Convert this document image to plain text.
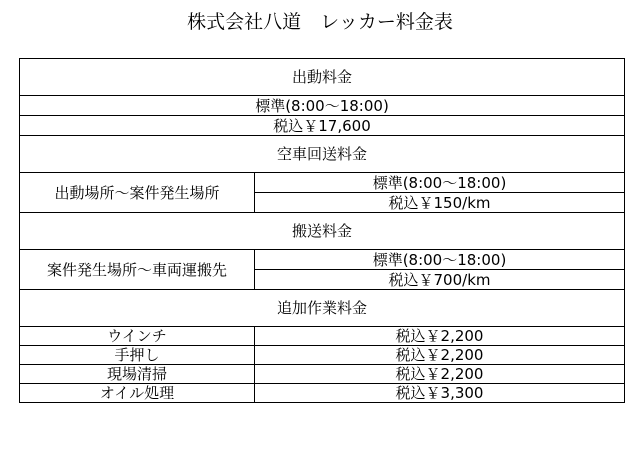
株式会社八道　レッカー料金表
出動料金	
標準(8:00～18:00)	
税込￥17,600	
空車回送料金	
出動場所～案件発生場所	標準(8:00～18:00)
	税込￥150/km
搬送料金	
案件発生場所～車両運搬先	標準(8:00～18:00)
	税込￥700/km
追加作業料金	
ウインチ	税込￥2,200
手押し	税込￥2,200
現場清掃	税込￥2,200
オイル処理	税込￥3,300
